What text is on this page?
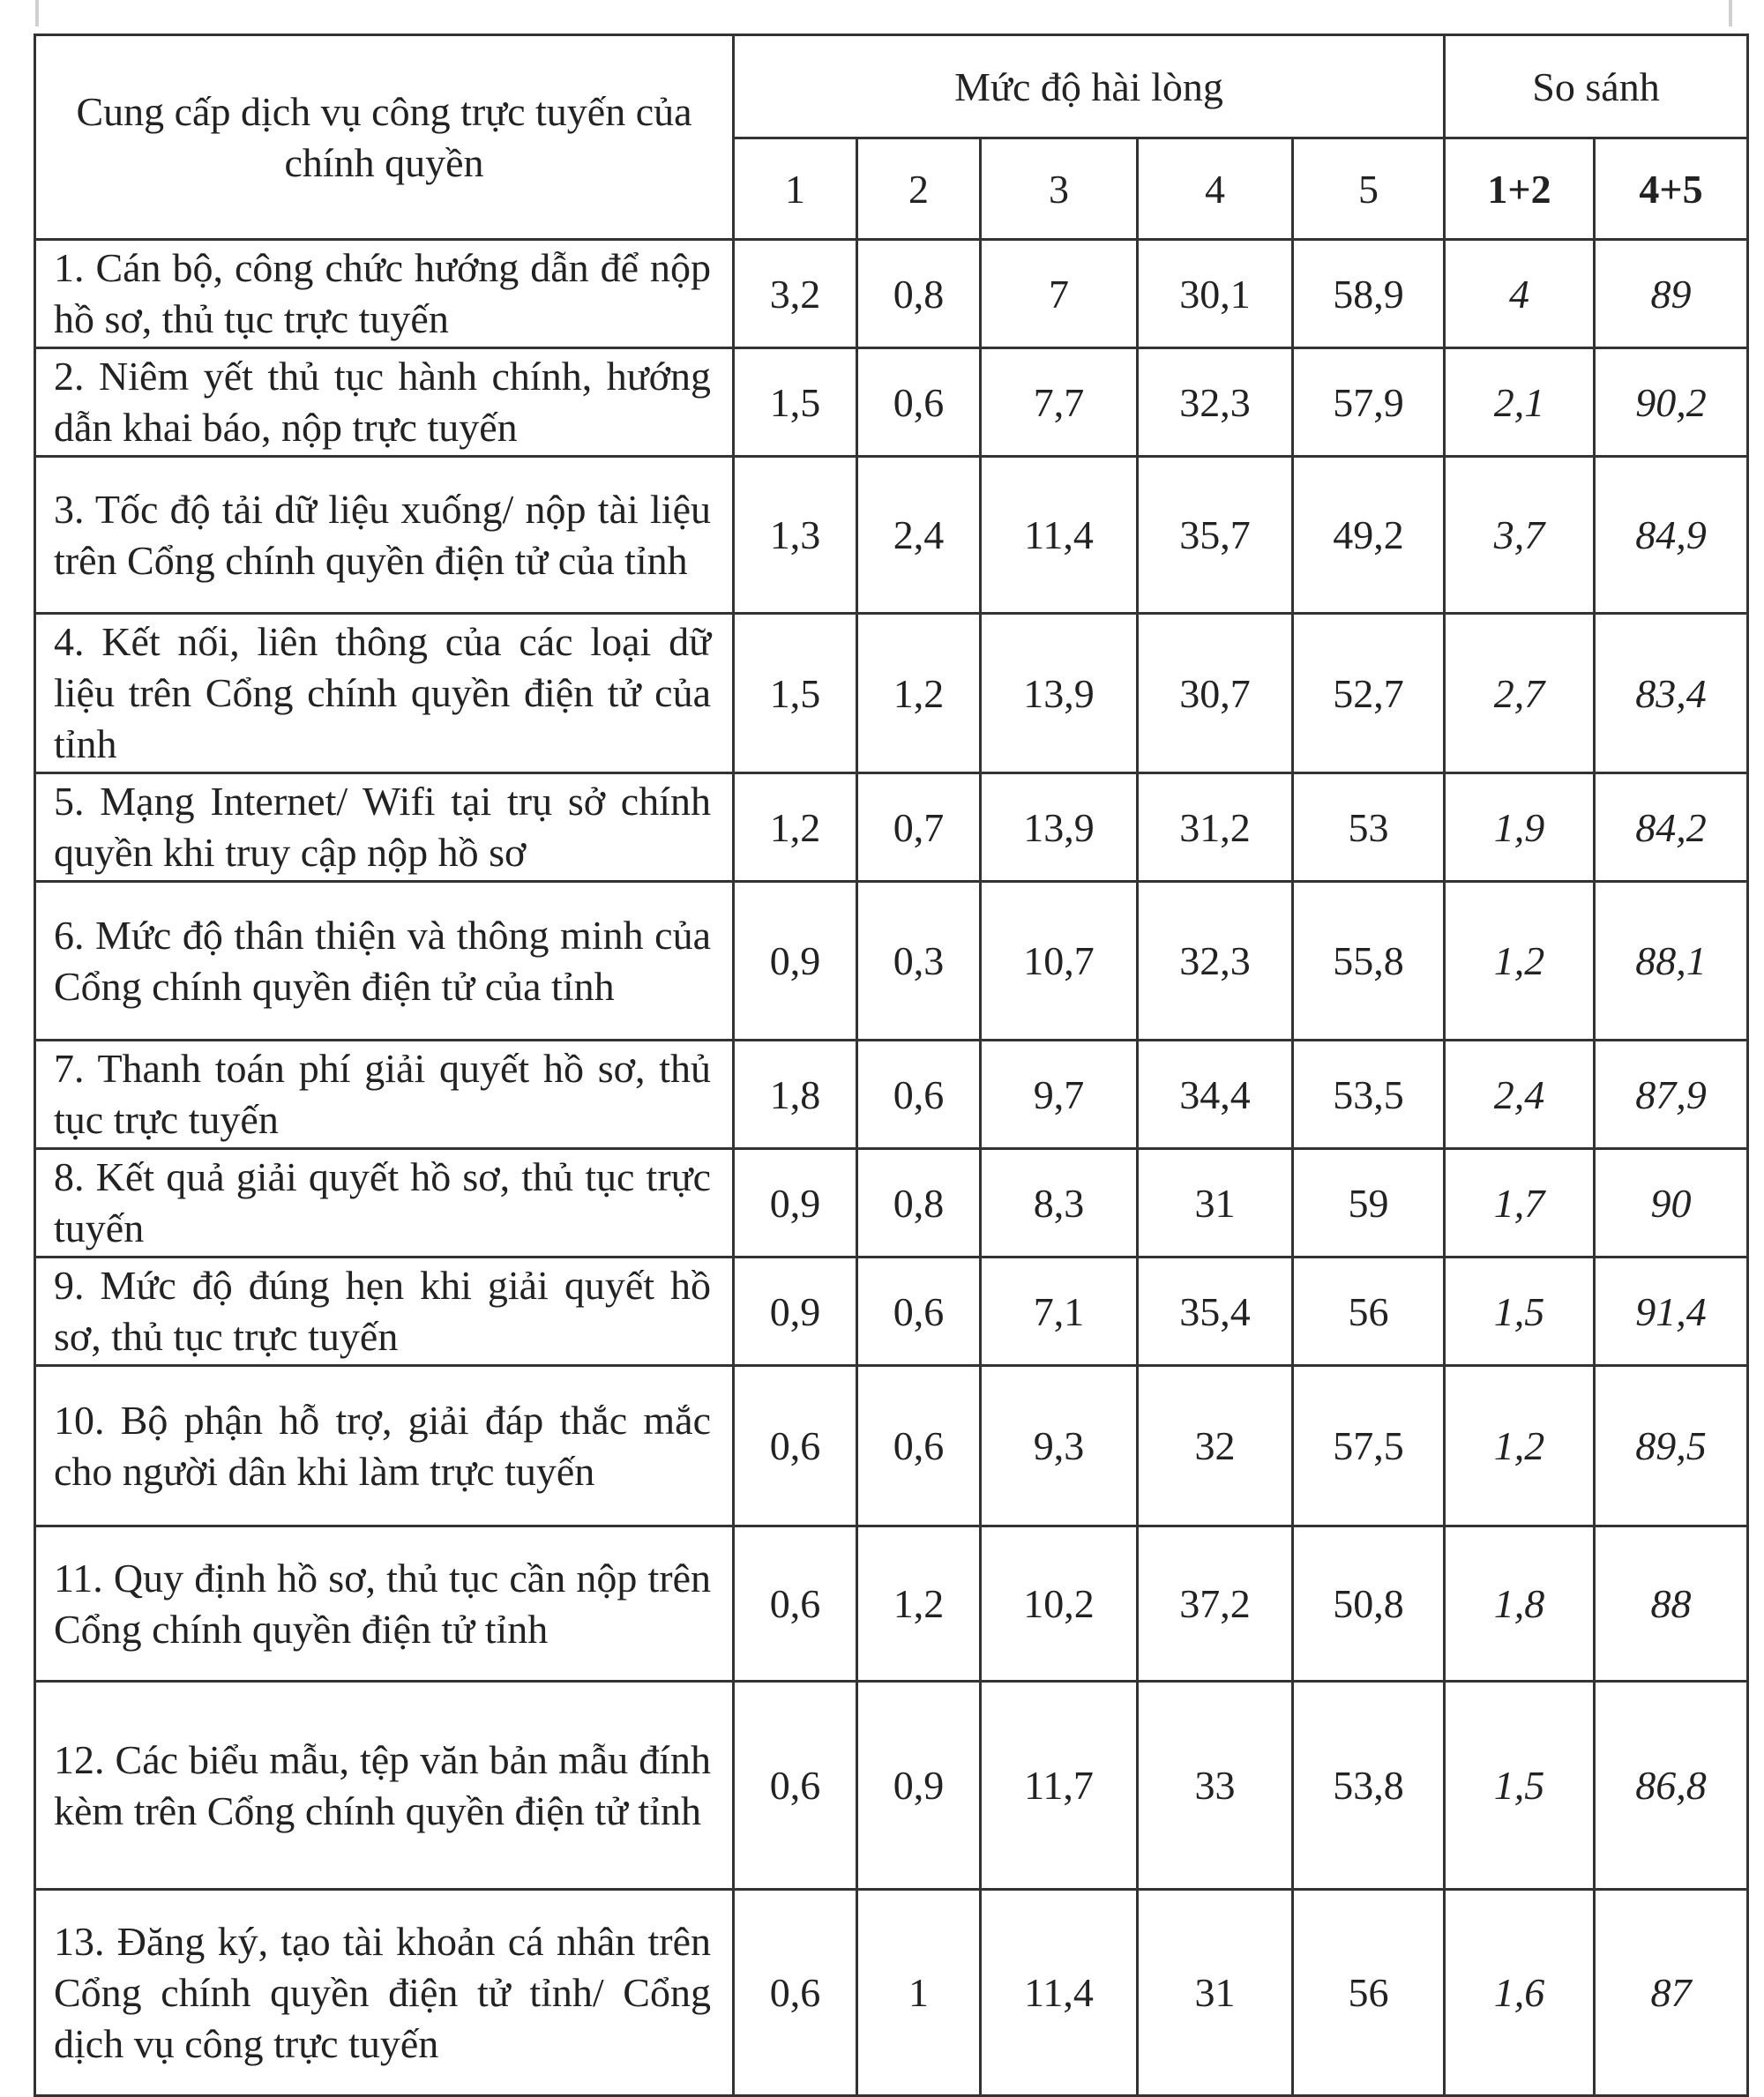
Cung cấp dịch vụ công trực tuyến của chính quyền	Mức độ hài lòng					So sánh	
	1	2	3	4	5	1+2	4+5
1. Cán bộ, công chức hướng dẫn để nộp hồ sơ, thủ tục trực tuyến	3,2	0,8	7	30,1	58,9	4	89
2. Niêm yết thủ tục hành chính, hướng dẫn khai báo, nộp trực tuyến	1,5	0,6	7,7	32,3	57,9	2,1	90,2
3. Tốc độ tải dữ liệu xuống/ nộp tài liệu trên Cổng chính quyền điện tử của tỉnh	1,3	2,4	11,4	35,7	49,2	3,7	84,9
4. Kết nối, liên thông của các loại dữ liệu trên Cổng chính quyền điện tử của tỉnh	1,5	1,2	13,9	30,7	52,7	2,7	83,4
5. Mạng Internet/ Wifi tại trụ sở chính quyền khi truy cập nộp hồ sơ	1,2	0,7	13,9	31,2	53	1,9	84,2
6. Mức độ thân thiện và thông minh của Cổng chính quyền điện tử của tỉnh	0,9	0,3	10,7	32,3	55,8	1,2	88,1
7. Thanh toán phí giải quyết hồ sơ, thủ tục trực tuyến	1,8	0,6	9,7	34,4	53,5	2,4	87,9
8. Kết quả giải quyết hồ sơ, thủ tục trực tuyến	0,9	0,8	8,3	31	59	1,7	90
9. Mức độ đúng hẹn khi giải quyết hồ sơ, thủ tục trực tuyến	0,9	0,6	7,1	35,4	56	1,5	91,4
10. Bộ phận hỗ trợ, giải đáp thắc mắc cho người dân khi làm trực tuyến	0,6	0,6	9,3	32	57,5	1,2	89,5
11. Quy định hồ sơ, thủ tục cần nộp trên Cổng chính quyền điện tử tỉnh	0,6	1,2	10,2	37,2	50,8	1,8	88
12. Các biểu mẫu, tệp văn bản mẫu đính kèm trên Cổng chính quyền điện tử tỉnh	0,6	0,9	11,7	33	53,8	1,5	86,8
13. Đăng ký, tạo tài khoản cá nhân trên Cổng chính quyền điện tử tỉnh/ Cổng dịch vụ công trực tuyến	0,6	1	11,4	31	56	1,6	87
